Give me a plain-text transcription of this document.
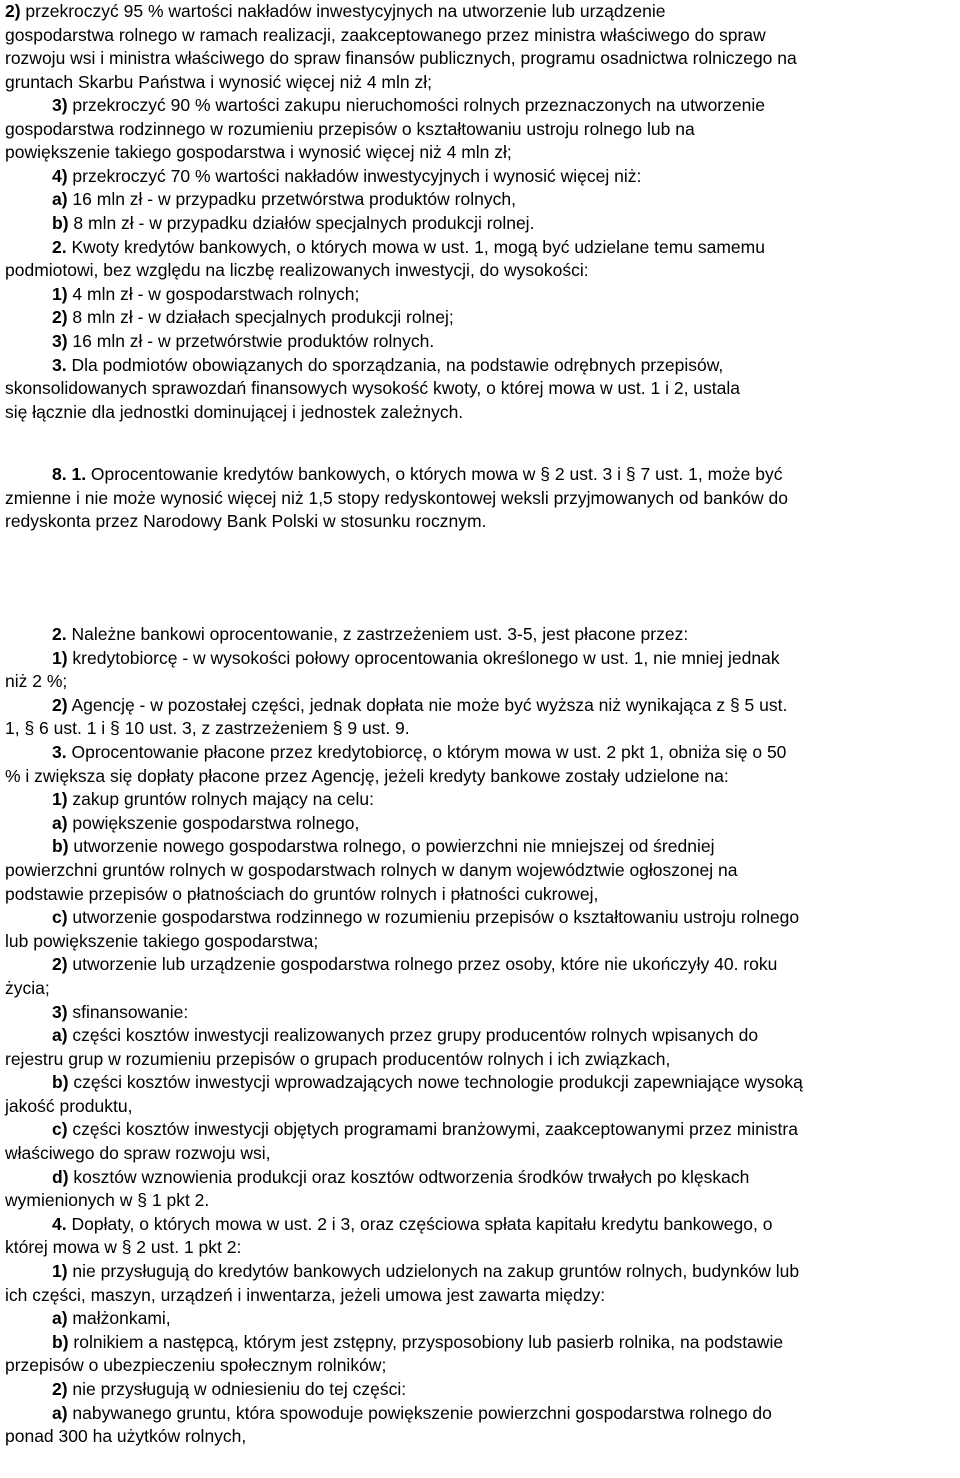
2) przekroczyć 95 % wartości nakładów inwestycyjnych na utworzenie lub urządzenie
gospodarstwa rolnego w ramach realizacji, zaakceptowanego przez ministra właściwego do spraw
rozwoju wsi i ministra właściwego do spraw finansów publicznych, programu osadnictwa rolniczego na
gruntach Skarbu Państwa i wynosić więcej niż 4 mln zł;
3) przekroczyć 90 % wartości zakupu nieruchomości rolnych przeznaczonych na utworzenie
gospodarstwa rodzinnego w rozumieniu przepisów o kształtowaniu ustroju rolnego lub na
powiększenie takiego gospodarstwa i wynosić więcej niż 4 mln zł;
4) przekroczyć 70 % wartości nakładów inwestycyjnych i wynosić więcej niż:
a) 16 mln zł - w przypadku przetwórstwa produktów rolnych,
b) 8 mln zł - w przypadku działów specjalnych produkcji rolnej.
2. Kwoty kredytów bankowych, o których mowa w ust. 1, mogą być udzielane temu samemu
podmiotowi, bez względu na liczbę realizowanych inwestycji, do wysokości:
1) 4 mln zł - w gospodarstwach rolnych;
2) 8 mln zł - w działach specjalnych produkcji rolnej;
3) 16 mln zł - w przetwórstwie produktów rolnych.
3. Dla podmiotów obowiązanych do sporządzania, na podstawie odrębnych przepisów,
skonsolidowanych sprawozdań finansowych wysokość kwoty, o której mowa w ust. 1 i 2, ustala
się łącznie dla jednostki dominującej i jednostek zależnych.
8. 1. Oprocentowanie kredytów bankowych, o których mowa w § 2 ust. 3 i § 7 ust. 1, może być
zmienne i nie może wynosić więcej niż 1,5 stopy redyskontowej weksli przyjmowanych od banków do
redyskonta przez Narodowy Bank Polski w stosunku rocznym.
2. Należne bankowi oprocentowanie, z zastrzeżeniem ust. 3-5, jest płacone przez:
1) kredytobiorcę - w wysokości połowy oprocentowania określonego w ust. 1, nie mniej jednak
niż 2 %;
2) Agencję - w pozostałej części, jednak dopłata nie może być wyższa niż wynikająca z § 5 ust.
1, § 6 ust. 1 i § 10 ust. 3, z zastrzeżeniem § 9 ust. 9.
3. Oprocentowanie płacone przez kredytobiorcę, o którym mowa w ust. 2 pkt 1, obniża się o 50
% i zwiększa się dopłaty płacone przez Agencję, jeżeli kredyty bankowe zostały udzielone na:
1) zakup gruntów rolnych mający na celu:
a) powiększenie gospodarstwa rolnego,
b) utworzenie nowego gospodarstwa rolnego, o powierzchni nie mniejszej od średniej
powierzchni gruntów rolnych w gospodarstwach rolnych w danym województwie ogłoszonej na
podstawie przepisów o płatnościach do gruntów rolnych i płatności cukrowej,
c) utworzenie gospodarstwa rodzinnego w rozumieniu przepisów o kształtowaniu ustroju rolnego
lub powiększenie takiego gospodarstwa;
2) utworzenie lub urządzenie gospodarstwa rolnego przez osoby, które nie ukończyły 40. roku
życia;
3) sfinansowanie:
a) części kosztów inwestycji realizowanych przez grupy producentów rolnych wpisanych do
rejestru grup w rozumieniu przepisów o grupach producentów rolnych i ich związkach,
b) części kosztów inwestycji wprowadzających nowe technologie produkcji zapewniające wysoką
jakość produktu,
c) części kosztów inwestycji objętych programami branżowymi, zaakceptowanymi przez ministra
właściwego do spraw rozwoju wsi,
d) kosztów wznowienia produkcji oraz kosztów odtworzenia środków trwałych po klęskach
wymienionych w § 1 pkt 2.
4. Dopłaty, o których mowa w ust. 2 i 3, oraz częściowa spłata kapitału kredytu bankowego, o
której mowa w § 2 ust. 1 pkt 2:
1) nie przysługują do kredytów bankowych udzielonych na zakup gruntów rolnych, budynków lub
ich części, maszyn, urządzeń i inwentarza, jeżeli umowa jest zawarta między:
a) małżonkami,
b) rolnikiem a następcą, którym jest zstępny, przysposobiony lub pasierb rolnika, na podstawie
przepisów o ubezpieczeniu społecznym rolników;
2) nie przysługują w odniesieniu do tej części:
a) nabywanego gruntu, która spowoduje powiększenie powierzchni gospodarstwa rolnego do
ponad 300 ha użytków rolnych,
